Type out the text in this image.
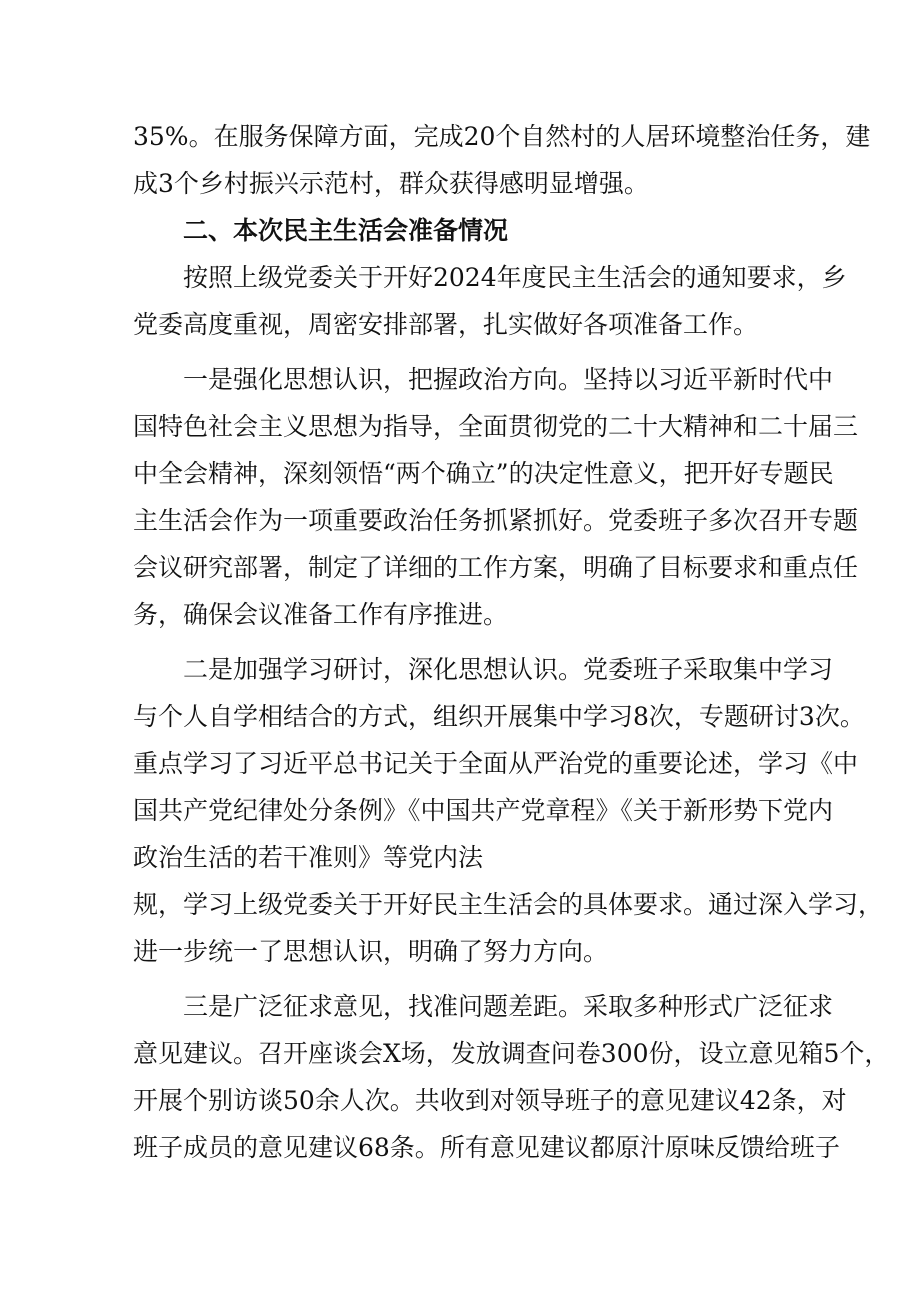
35%。在服务保障方面，完成20个自然村的人居环境整治任务，建
成3个乡村振兴示范村，群众获得感明显增强。
二、本次民主生活会准备情况
按照上级党委关于开好2024年度民主生活会的通知要求，乡
党委高度重视，周密安排部署，扎实做好各项准备工作。
一是强化思想认识，把握政治方向。坚持以习近平新时代中
国特色社会主义思想为指导，全面贯彻党的二十大精神和二十届三
中全会精神，深刻领悟“两个确立”的决定性意义，把开好专题民
主生活会作为一项重要政治任务抓紧抓好。党委班子多次召开专题
会议研究部署，制定了详细的工作方案，明确了目标要求和重点任
务，确保会议准备工作有序推进。
二是加强学习研讨，深化思想认识。党委班子采取集中学习
与个人自学相结合的方式，组织开展集中学习8次，专题研讨3次。
重点学习了习近平总书记关于全面从严治党的重要论述，学习《中
国共产党纪律处分条例》《中国共产党章程》《关于新形势下党内
政治生活的若干准则》等党内法
规，学习上级党委关于开好民主生活会的具体要求。通过深入学习，
进一步统一了思想认识，明确了努力方向。
三是广泛征求意见，找准问题差距。采取多种形式广泛征求
意见建议。召开座谈会X场，发放调查问卷300份，设立意见箱5个，
开展个别访谈50余人次。共收到对领导班子的意见建议42条，对
班子成员的意见建议68条。所有意见建议都原汁原味反馈给班子
